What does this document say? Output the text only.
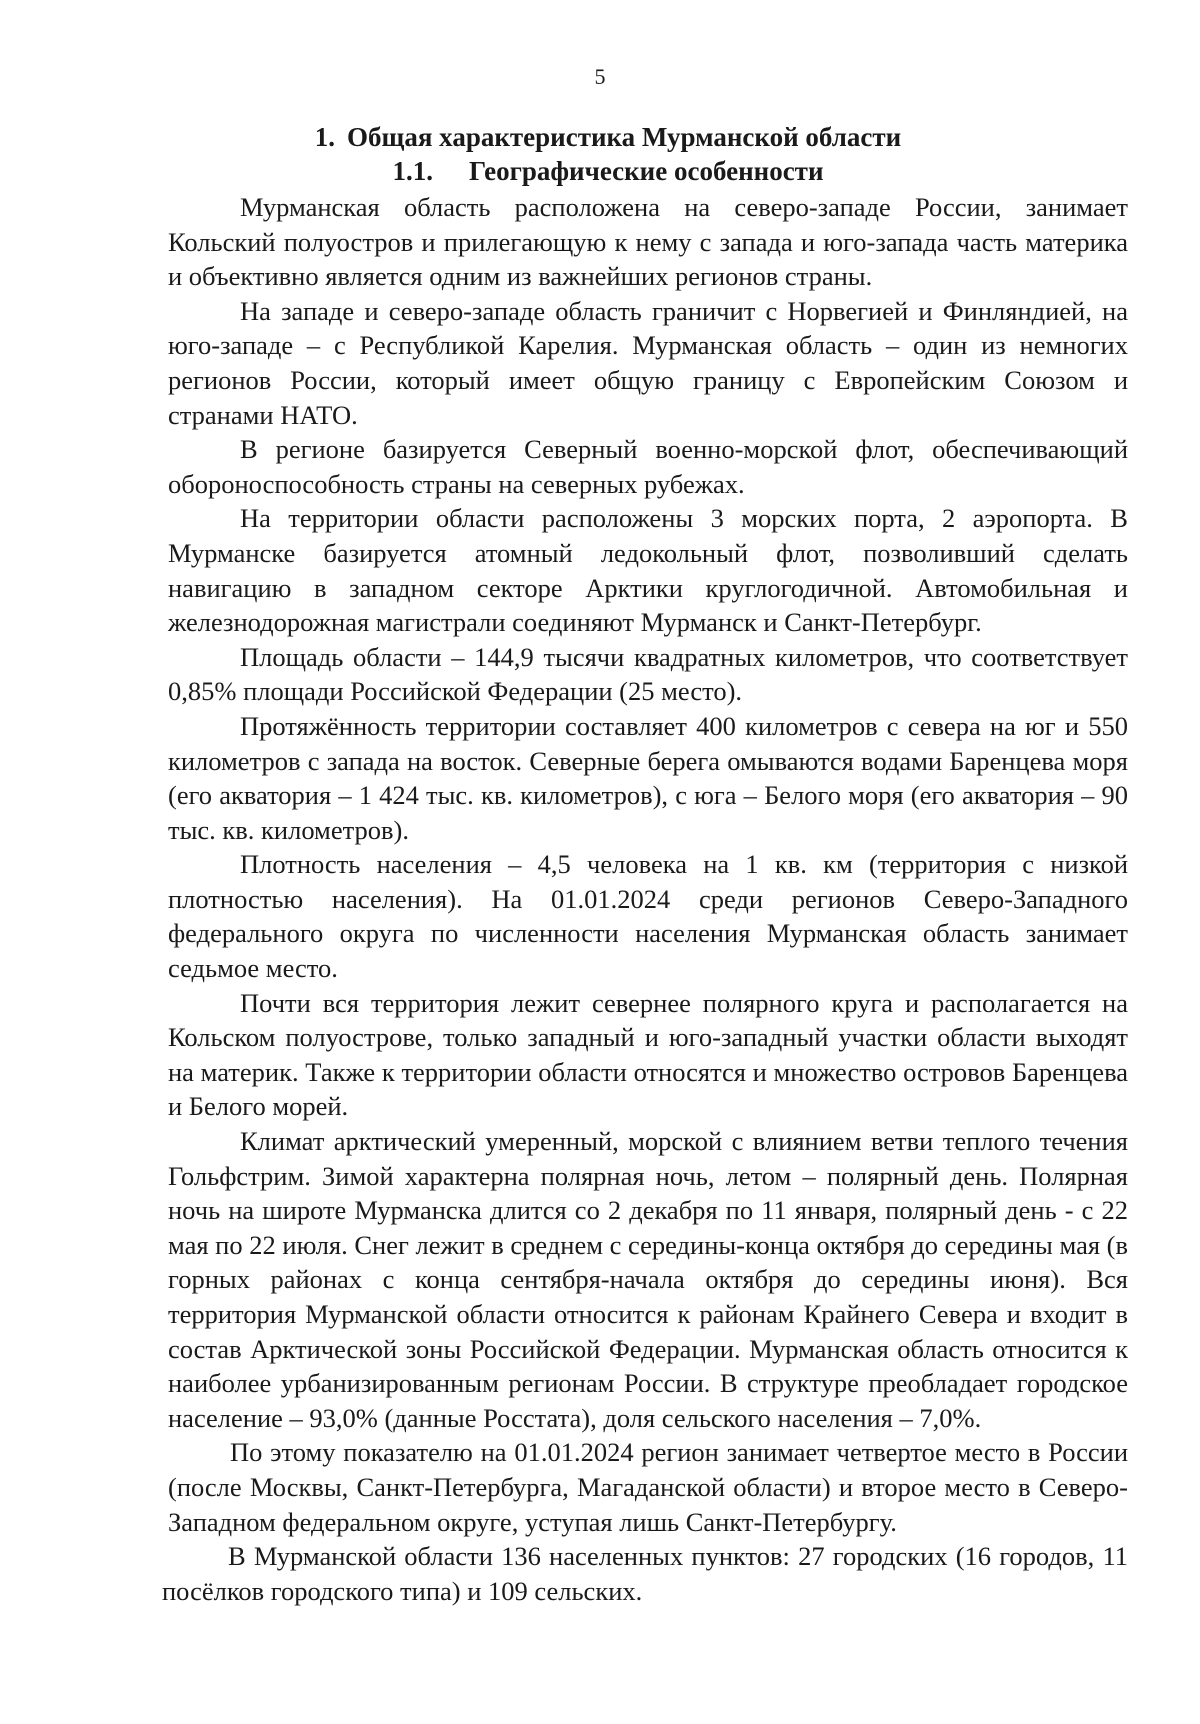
5
1. Общая характеристика Мурманской области
1.1. Географические особенности

Мурманская область расположена на северо-западе России, занимает Кольский полуостров и прилегающую к нему с запада и юго-запада часть материка и объективно является одним из важнейших регионов страны.

На западе и северо-западе область граничит с Норвегией и Финляндией, на юго-западе – с Республикой Карелия. Мурманская область – один из немногих регионов России, который имеет общую границу с Европейским Союзом и странами НАТО.

В регионе базируется Северный военно-морской флот, обеспечивающий обороноспособность страны на северных рубежах.

На территории области расположены 3 морских порта, 2 аэропорта. В Мурманске базируется атомный ледокольный флот, позволивший сделать навигацию в западном секторе Арктики круглогодичной. Автомобильная и железнодорожная магистрали соединяют Мурманск и Санкт-Петербург.

Площадь области – 144,9 тысячи квадратных километров, что соответствует 0,85% площади Российской Федерации (25 место).

Протяжённость территории составляет 400 километров с севера на юг и 550 километров с запада на восток. Северные берега омываются водами Баренцева моря (его акватория – 1 424 тыс. кв. километров), с юга – Белого моря (его акватория – 90 тыс. кв. километров).

Плотность населения – 4,5 человека на 1 кв. км (территория с низкой плотностью населения). На 01.01.2024 среди регионов Северо-Западного федерального округа по численности населения Мурманская область занимает седьмое место.

Почти вся территория лежит севернее полярного круга и располагается на Кольском полуострове, только западный и юго-западный участки области выходят на материк. Также к территории области относятся и множество островов Баренцева и Белого морей.

Климат арктический умеренный, морской с влиянием ветви теплого течения Гольфстрим. Зимой характерна полярная ночь, летом – полярный день. Полярная ночь на широте Мурманска длится со 2 декабря по 11 января, полярный день - с 22 мая по 22 июля. Снег лежит в среднем с середины-конца октября до середины мая (в горных районах с конца сентября-начала октября до середины июня). Вся территория Мурманской области относится к районам Крайнего Севера и входит в состав Арктической зоны Российской Федерации. Мурманская область относится к наиболее урбанизированным регионам России. В структуре преобладает городское население – 93,0% (данные Росстата), доля сельского населения – 7,0%.

По этому показателю на 01.01.2024 регион занимает четвертое место в России (после Москвы, Санкт-Петербурга, Магаданской области) и второе место в Северо-Западном федеральном округе, уступая лишь Санкт-Петербургу.

В Мурманской области 136 населенных пунктов: 27 городских (16 городов, 11 посёлков городского типа) и 109 сельских.
